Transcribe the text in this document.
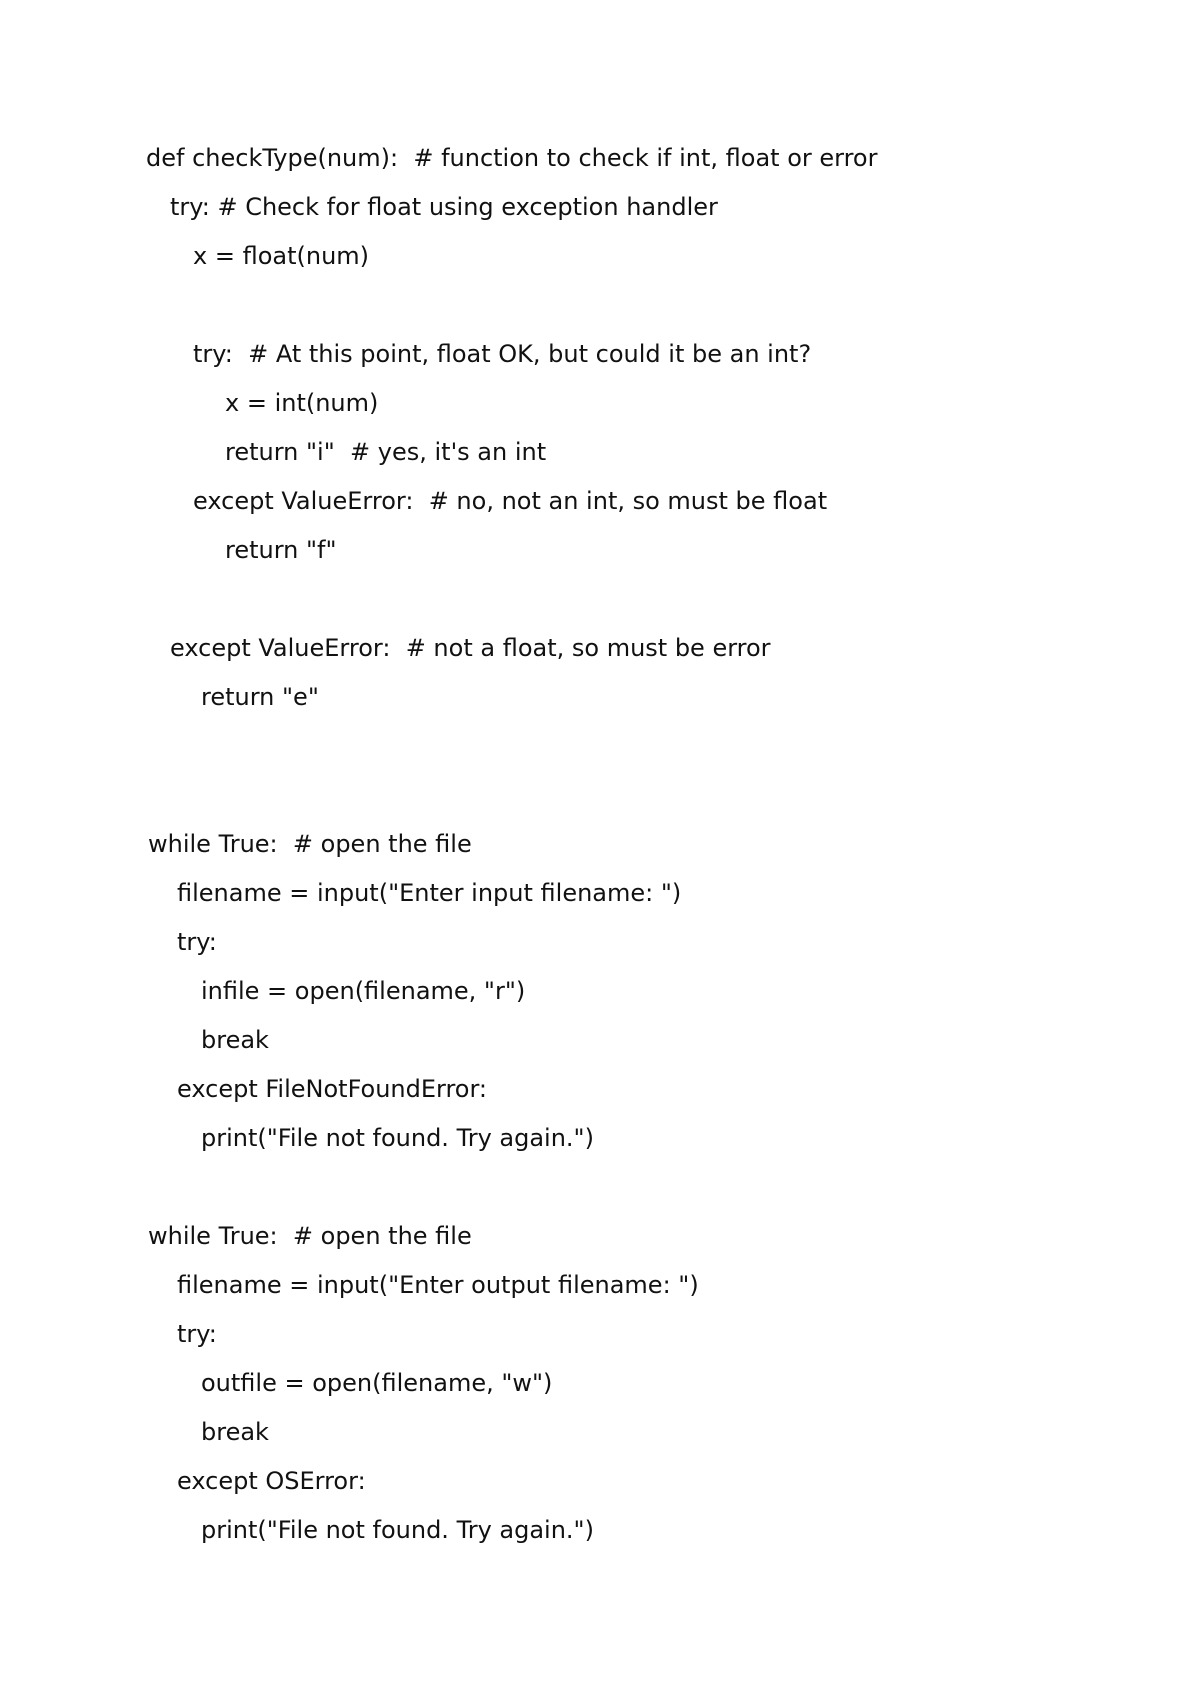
def checkType(num):  # function to check if int, float or error

try: # Check for float using exception handler

x = float(num)

try:  # At this point, float OK, but could it be an int?

x = int(num)

return "i"  # yes, it's an int

except ValueError:  # no, not an int, so must be float

return "f"

except ValueError:  # not a float, so must be error

return "e"

while True:  # open the file

filename = input("Enter input filename: ")

try:

infile = open(filename, "r")

break

except FileNotFoundError:

print("File not found. Try again.")

while True:  # open the file

filename = input("Enter output filename: ")

try:

outfile = open(filename, "w")

break

except OSError:

print("File not found. Try again.")
